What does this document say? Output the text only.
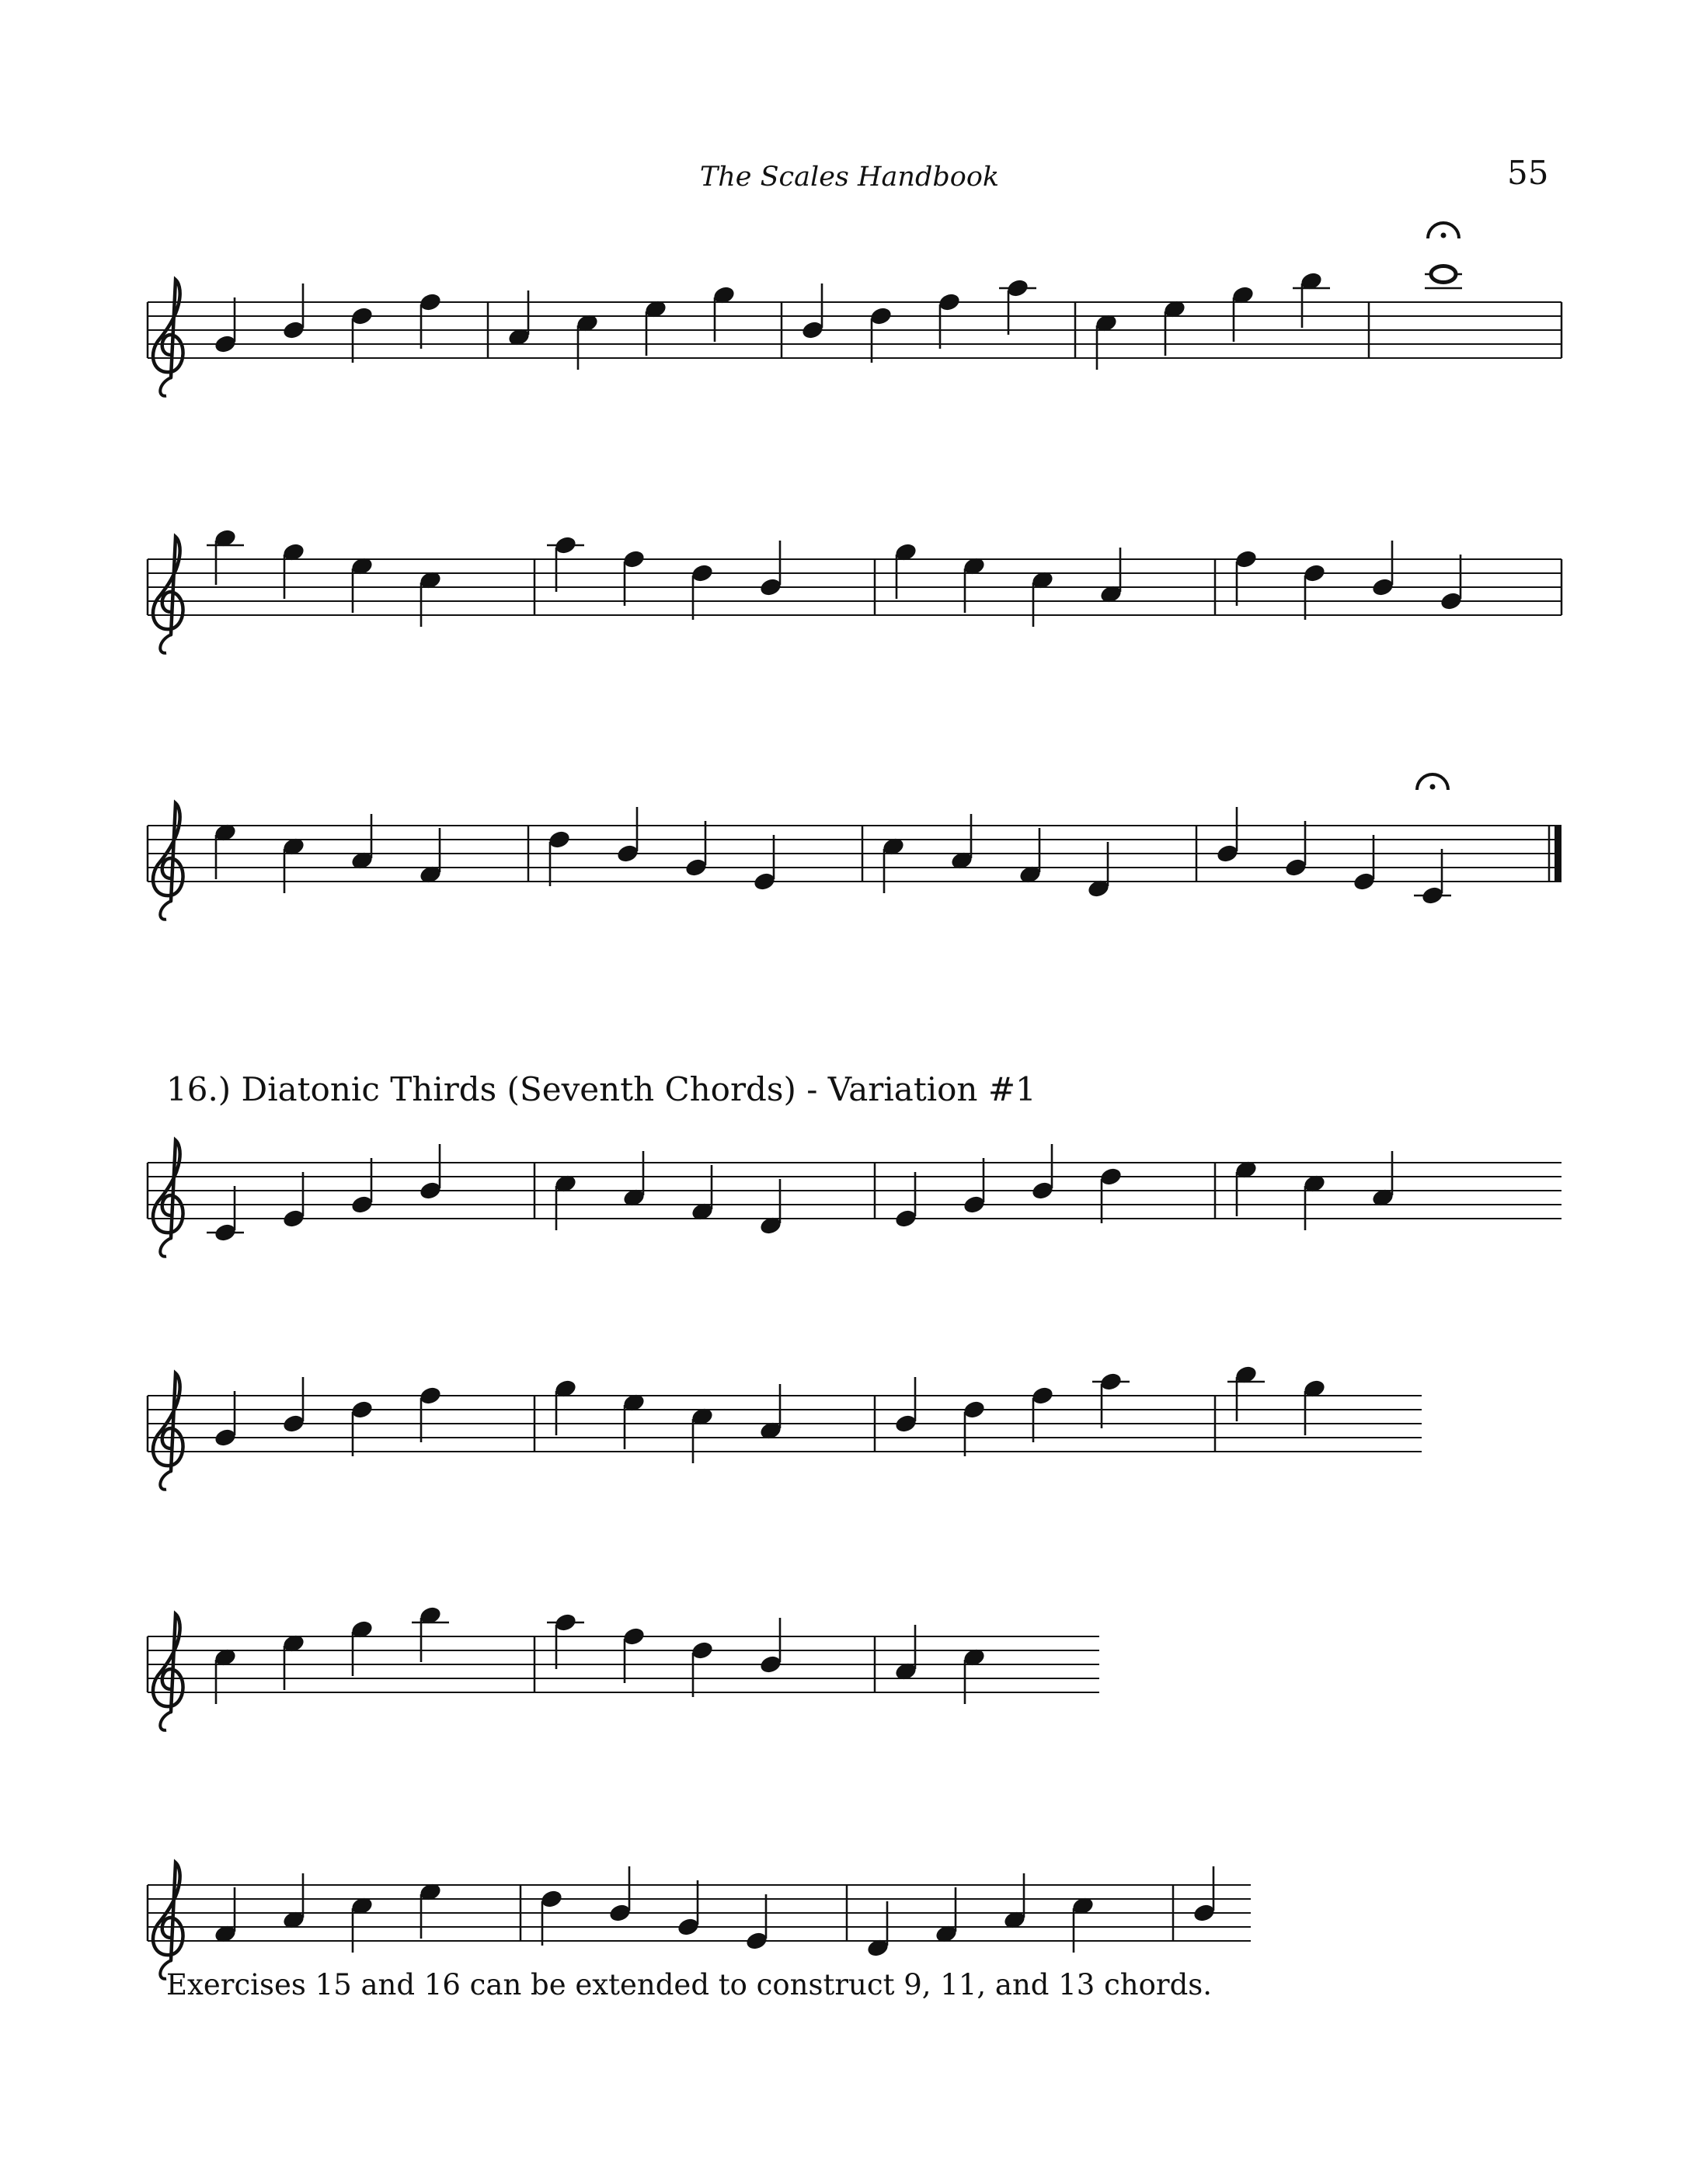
The Scales Handbook	55
16.) Diatonic Thirds (Seventh Chords) - Variation #1
Exercises 15 and 16 can be extended to construct 9, 11, and 13 chords.
